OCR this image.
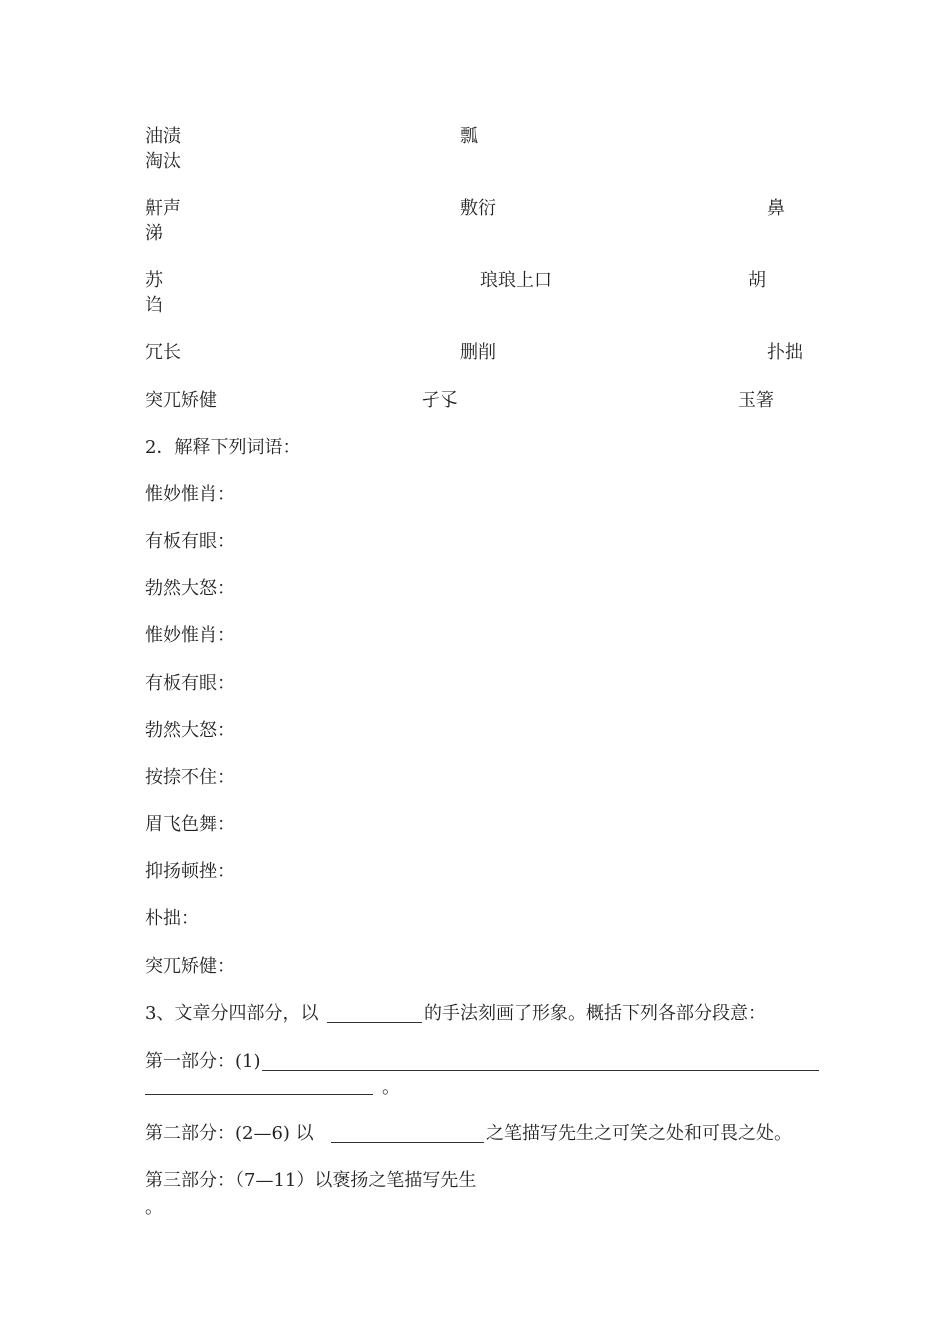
油渍	瓢
淘汰
鼾声	敷衍	鼻
涕
苏	琅琅上口	胡
诌
冗长	删削	扑拙
突兀矫健	孑孓	玉箸
2．解释下列词语：
惟妙惟肖：
有板有眼：
勃然大怒：
惟妙惟肖：
有板有眼：
勃然大怒：
按捺不住：
眉飞色舞：
抑扬顿挫：
朴拙：
突兀矫健：
3、文章分四部分，以	的手法刻画了形象。概括下列各部分段意：
第一部分：(1)
。
第二部分：(2—6) 以	之笔描写先生之可笑之处和可畏之处。
第三部分：（7—11）以褒扬之笔描写先生
。
